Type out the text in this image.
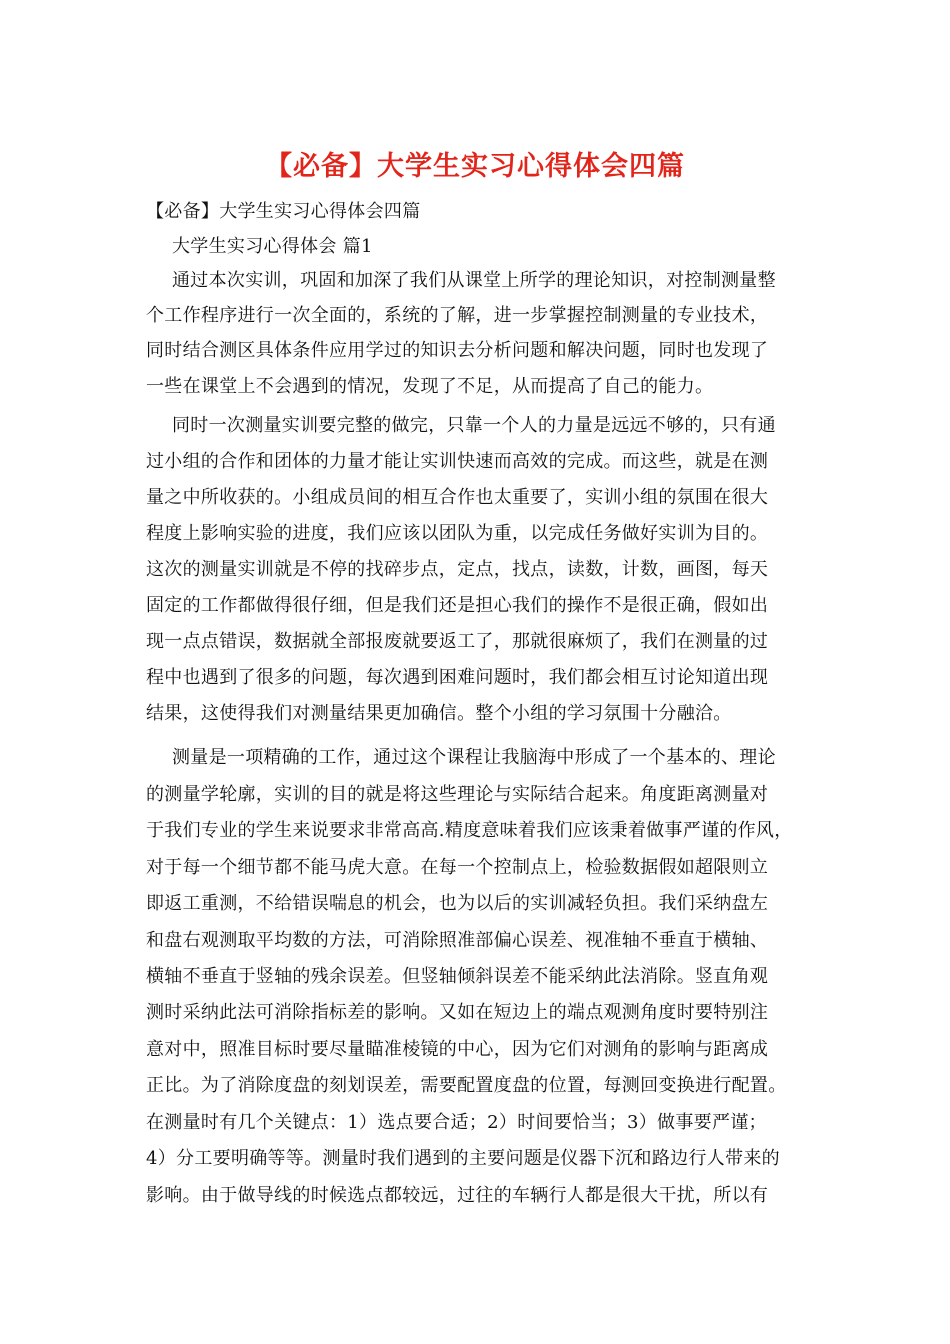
【必备】大学生实习心得体会四篇
【必备】大学生实习心得体会四篇
大学生实习心得体会 篇1
通过本次实训，巩固和加深了我们从课堂上所学的理论知识，对控制测量整
个工作程序进行一次全面的，系统的了解，进一步掌握控制测量的专业技术，
同时结合测区具体条件应用学过的知识去分析问题和解决问题，同时也发现了
一些在课堂上不会遇到的情况，发现了不足，从而提高了自己的能力。
同时一次测量实训要完整的做完，只靠一个人的力量是远远不够的，只有通
过小组的合作和团体的力量才能让实训快速而高效的完成。而这些，就是在测
量之中所收获的。小组成员间的相互合作也太重要了，实训小组的氛围在很大
程度上影响实验的进度，我们应该以团队为重，以完成任务做好实训为目的。
这次的测量实训就是不停的找碎步点，定点，找点，读数，计数，画图，每天
固定的工作都做得很仔细，但是我们还是担心我们的操作不是很正确，假如出
现一点点错误，数据就全部报废就要返工了，那就很麻烦了，我们在测量的过
程中也遇到了很多的问题，每次遇到困难问题时，我们都会相互讨论知道出现
结果，这使得我们对测量结果更加确信。整个小组的学习氛围十分融洽。
测量是一项精确的工作，通过这个课程让我脑海中形成了一个基本的、理论
的测量学轮廓，实训的目的就是将这些理论与实际结合起来。角度距离测量对
于我们专业的学生来说要求非常高高.精度意味着我们应该秉着做事严谨的作风，
对于每一个细节都不能马虎大意。在每一个控制点上，检验数据假如超限则立
即返工重测，不给错误喘息的机会，也为以后的实训减轻负担。我们采纳盘左
和盘右观测取平均数的方法，可消除照准部偏心误差、视准轴不垂直于横轴、
横轴不垂直于竖轴的残余误差。但竖轴倾斜误差不能采纳此法消除。竖直角观
测时采纳此法可消除指标差的影响。又如在短边上的端点观测角度时要特别注
意对中，照准目标时要尽量瞄准棱镜的中心，因为它们对测角的影响与距离成
正比。为了消除度盘的刻划误差，需要配置度盘的位置，每测回变换进行配置。
在测量时有几个关键点：1）选点要合适；2）时间要恰当；3）做事要严谨；
4）分工要明确等等。测量时我们遇到的主要问题是仪器下沉和路边行人带来的
影响。由于做导线的时候选点都较远，过往的车辆行人都是很大干扰，所以有
